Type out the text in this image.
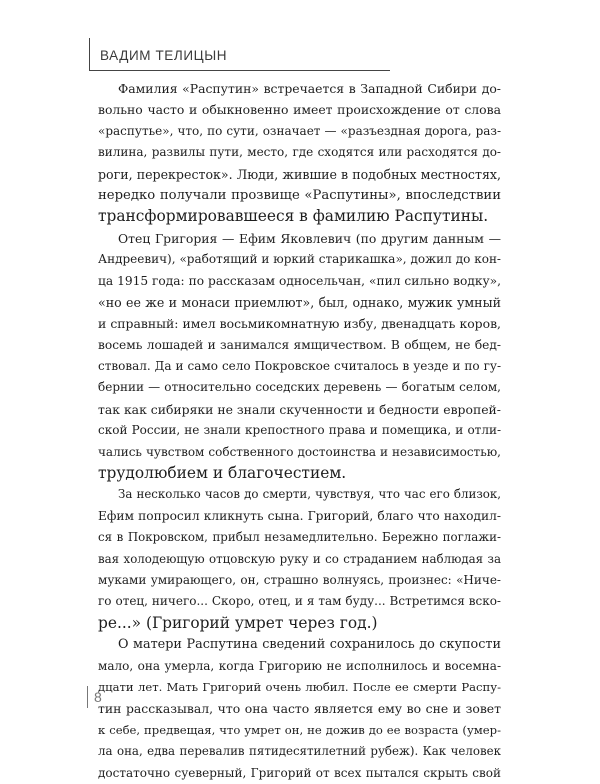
ВАДИМ ТЕЛИЦЫН
Фамилия «Распутин» встречается в Западной Сибири до-
вольно часто и обыкновенно имеет происхождение от слова
«распутье», что, по сути, означает — «разъездная дорога, раз-
вилина, развилы пути, место, где сходятся или расходятся до-
роги, перекресток». Люди, жившие в подобных местностях,
нередко получали прозвище «Распутины», впоследствии
трансформировавшееся в фамилию Распутины.
Отец Григория — Ефим Яковлевич (по другим данным —
Андреевич), «работящий и юркий старикашка», дожил до кон-
ца 1915 года: по рассказам односельчан, «пил сильно водку»,
«но ее же и монаси приемлют», был, однако, мужик умный
и справный: имел восьмикомнатную избу, двенадцать коров,
восемь лошадей и занимался ямщичеством. В общем, не бед-
ствовал. Да и само село Покровское считалось в уезде и по гу-
бернии — относительно соседских деревень — богатым селом,
так как сибиряки не знали скученности и бедности европей-
ской России, не знали крепостного права и помещика, и отли-
чались чувством собственного достоинства и независимостью,
трудолюбием и благочестием.
За несколько часов до смерти, чувствуя, что час его близок,
Ефим попросил кликнуть сына. Григорий, благо что находил-
ся в Покровском, прибыл незамедлительно. Бережно поглажи-
вая холодеющую отцовскую руку и со страданием наблюдая за
муками умирающего, он, страшно волнуясь, произнес: «Ниче-
го отец, ничего... Скоро, отец, и я там буду... Встретимся вско-
ре...» (Григорий умрет через год.)
О матери Распутина сведений сохранилось до скупости
мало, она умерла, когда Григорию не исполнилось и восемна-
дцати лет. Мать Григорий очень любил. После ее смерти Распу-
тин рассказывал, что она часто является ему во сне и зовет
к себе, предвещая, что умрет он, не дожив до ее возраста (умер-
ла она, едва перевалив пятидесятилетний рубеж). Как человек
достаточно суеверный, Григорий от всех пытался скрыть свой
8
